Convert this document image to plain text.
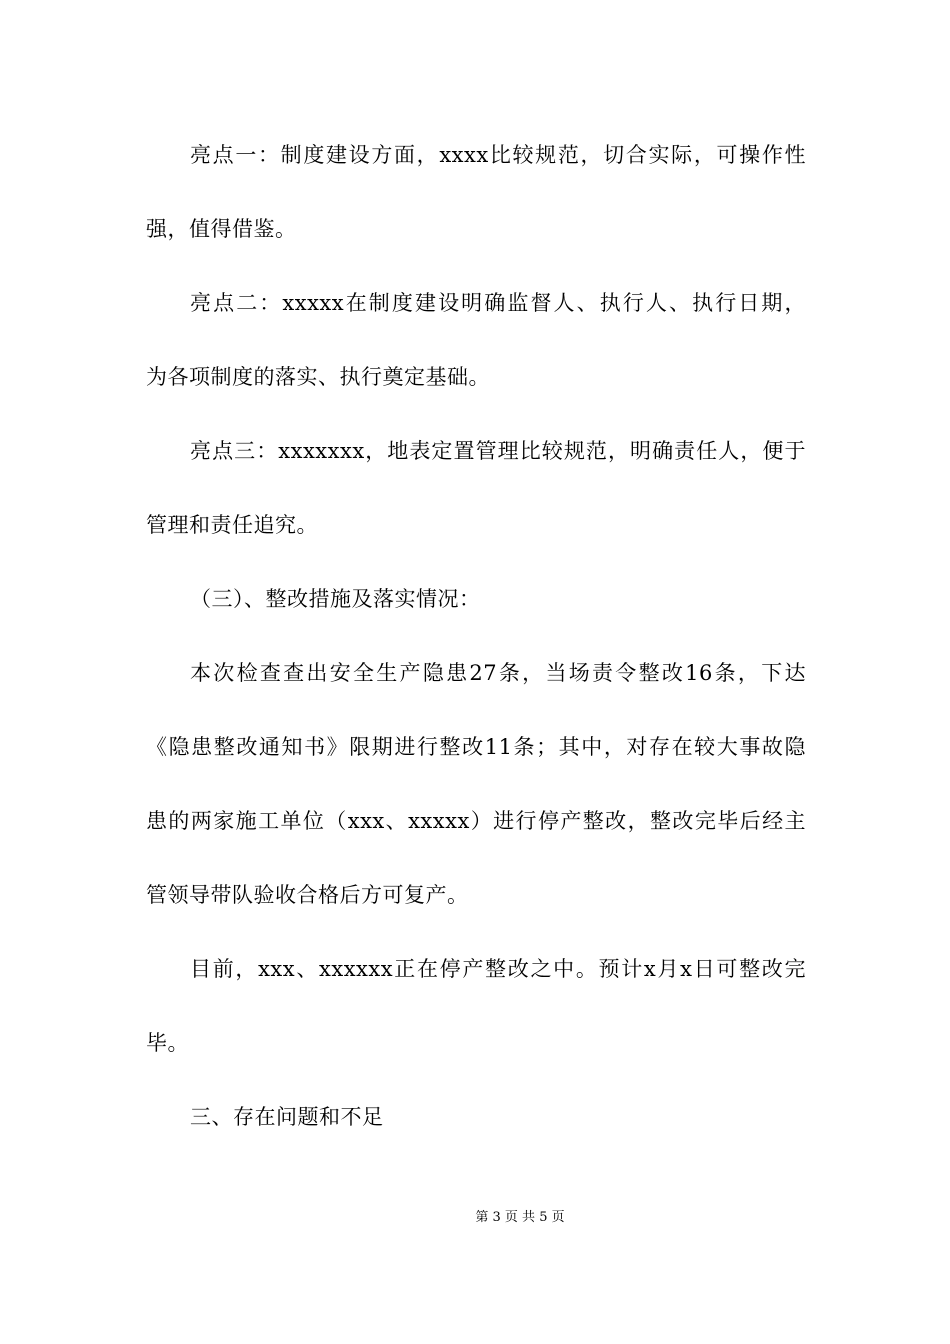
亮点一：制度建设方面，xxxx比较规范，切合实际，可操作性
强，值得借鉴。
亮点二：xxxxx在制度建设明确监督人、执行人、执行日期，
为各项制度的落实、执行奠定基础。
亮点三：xxxxxxx，地表定置管理比较规范，明确责任人，便于
管理和责任追究。
（三）、整改措施及落实情况：
本次检查查出安全生产隐患27条，当场责令整改16条，下达
《隐患整改通知书》限期进行整改11条；其中，对存在较大事故隐
患的两家施工单位（xxx、xxxxx）进行停产整改，整改完毕后经主
管领导带队验收合格后方可复产。
目前，xxx、xxxxxx正在停产整改之中。预计x月x日可整改完
毕。
三、存在问题和不足
第 3 页 共 5 页
